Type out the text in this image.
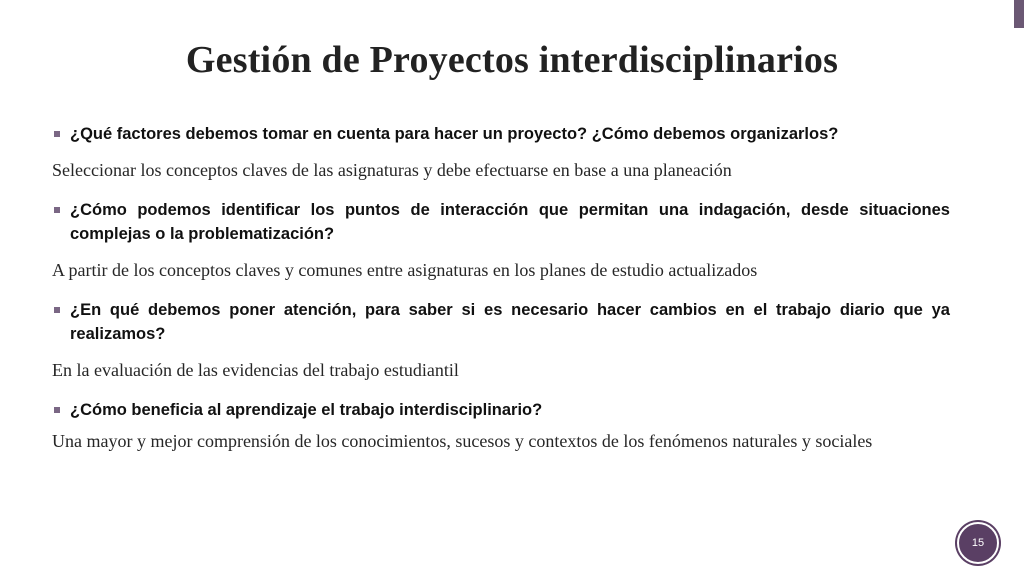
Gestión de Proyectos interdisciplinarios
¿Qué factores debemos tomar en cuenta para hacer un proyecto? ¿Cómo debemos organizarlos?
Seleccionar los conceptos claves de las asignaturas y debe efectuarse en base a una planeación
¿Cómo podemos identificar los puntos de interacción que permitan una indagación, desde situaciones complejas o la problematización?
A partir de los conceptos claves y comunes entre asignaturas en los planes de estudio actualizados
¿En qué debemos poner atención, para saber si es necesario hacer cambios en el trabajo diario que ya realizamos?
En la evaluación de las evidencias del trabajo estudiantil
¿Cómo beneficia al aprendizaje el trabajo interdisciplinario?
Una mayor y mejor comprensión de los conocimientos, sucesos y contextos de los fenómenos naturales y sociales
15
